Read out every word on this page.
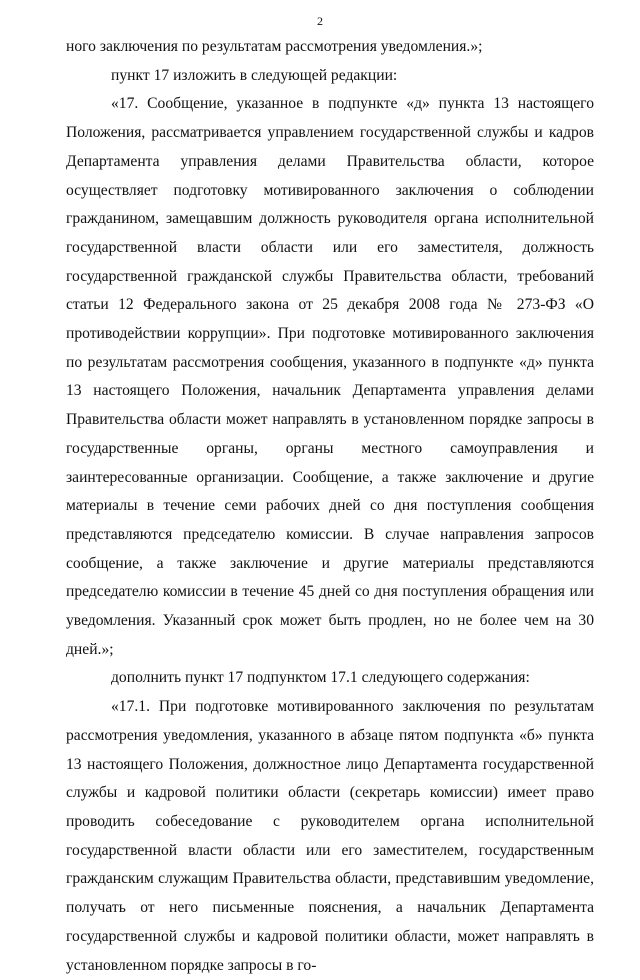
2

ного заключения по результатам рассмотрения уведомления.»;

пункт 17 изложить в следующей редакции:

«17. Сообщение, указанное в подпункте «д» пункта 13 настоящего Положения, рассматривается управлением государственной службы и кадров Департамента управления делами Правительства области, которое осуществляет подготовку мотивированного заключения о соблюдении гражданином, замещавшим должность руководителя органа исполнительной государственной власти области или его заместителя, должность государственной гражданской службы Правительства области, требований статьи 12 Федерального закона от 25 декабря 2008 года № 273-ФЗ «О противодействии коррупции». При подготовке мотивированного заключения по результатам рассмотрения сообщения, указанного в подпункте «д» пункта 13 настоящего Положения, начальник Департамента управления делами Правительства области может направлять в установленном порядке запросы в государственные органы, органы местного самоуправления и заинтересованные организации. Сообщение, а также заключение и другие материалы в течение семи рабочих дней со дня поступления сообщения представляются председателю комиссии. В случае направления запросов сообщение, а также заключение и другие материалы представляются председателю комиссии в течение 45 дней со дня поступления обращения или уведомления. Указанный срок может быть продлен, но не более чем на 30 дней.»;

дополнить пункт 17 подпунктом 17.1 следующего содержания:

«17.1. При подготовке мотивированного заключения по результатам рассмотрения уведомления, указанного в абзаце пятом подпункта «б» пункта 13 настоящего Положения, должностное лицо Департамента государственной службы и кадровой политики области (секретарь комиссии) имеет право проводить собеседование с руководителем органа исполнительной государственной власти области или его заместителем, государственным гражданским служащим Правительства области, представившим уведомление, получать от него письменные пояснения, а начальник Департамента государственной службы и кадровой политики области, может направлять в установленном порядке запросы в го-
